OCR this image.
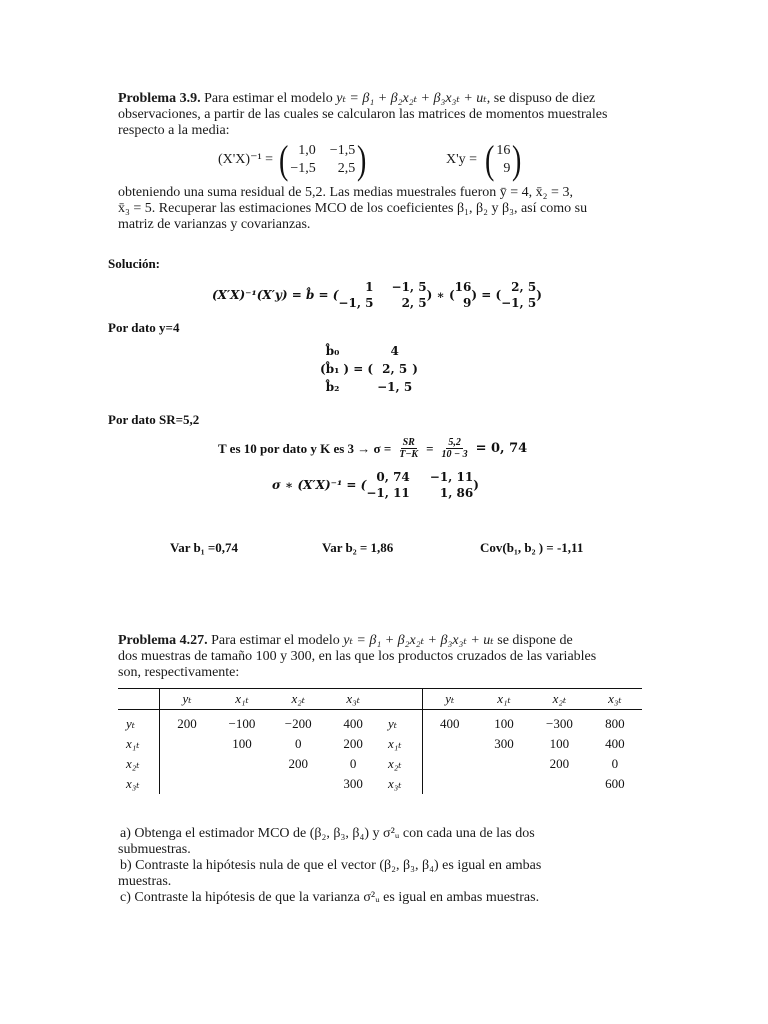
Problema 3.9. Para estimar el modelo yₜ = β₁ + β₂x₂ₜ + β₃x₃ₜ + uₜ, se dispuso de diez
observaciones, a partir de las cuales se calcularon las matrices de momentos muestrales
respecto a la media:
(X'X)⁻¹ = ( 1,0 −1,5
−1,5	2,5 )	X'y = ( 16
9 )
obteniendo una suma residual de 5,2. Las medias muestrales fueron ȳ = 4, x̄₂ = 3,
x̄₃ = 5. Recuperar las estimaciones MCO de los coeficientes β₁, β₂ y β₃, así como su
matriz de varianzas y covarianzas.
Solución:
(X′X)⁻¹(X′y) = b̂ = (
1 −1, 5
−1, 5	2, 5
) ∗ (
16
9
) = (
2, 5
−1, 5
)
Por dato y=4
(
b̂₀
b̂₁
b̂₂
) = (
4
2, 5
−1, 5
)
Por dato SR=5,2
T es 10 por dato y K es $3 \to \sigma = \frac{SR}{T-K} = \frac{5,2}{10 - 3} = 0$, 74
σ ∗ (X′X)⁻¹ = (
0, 74 −1, 11
−1, 11	1, 86
)
Var b₁ =0,74	Var b₂ = 1,86	Cov(b₁, b₂ ) = -1,11
Problema 4.27. Para estimar el modelo yₜ = β₁ + β₂x₂ₜ + β₃x₃ₜ + uₜ se dispone de
dos muestras de tamaño 100 y 300, en las que los productos cruzados de las variables
son, respectivamente:
	yₜ	x₁ₜ	x₂ₜ	x₃ₜ
yₜ	200	−100	−200	400
x₁ₜ		100	0	200
x₂ₜ			200	0
x₃ₜ				300
	yₜ	x₁ₜ	x₂ₜ	x₃ₜ
yₜ	400	100	−300	800
x₁ₜ		300	100	400
x₂ₜ			200	0
x₃ₜ				600
a) Obtenga el estimador MCO de (β₂, β₃, β₄) y σ²ᵤ con cada una de las dos
submuestras.
b) Contraste la hipótesis nula de que el vector (β₂, β₃, β₄) es igual en ambas
muestras.
c) Contraste la hipótesis de que la varianza σ²ᵤ es igual en ambas muestras.
